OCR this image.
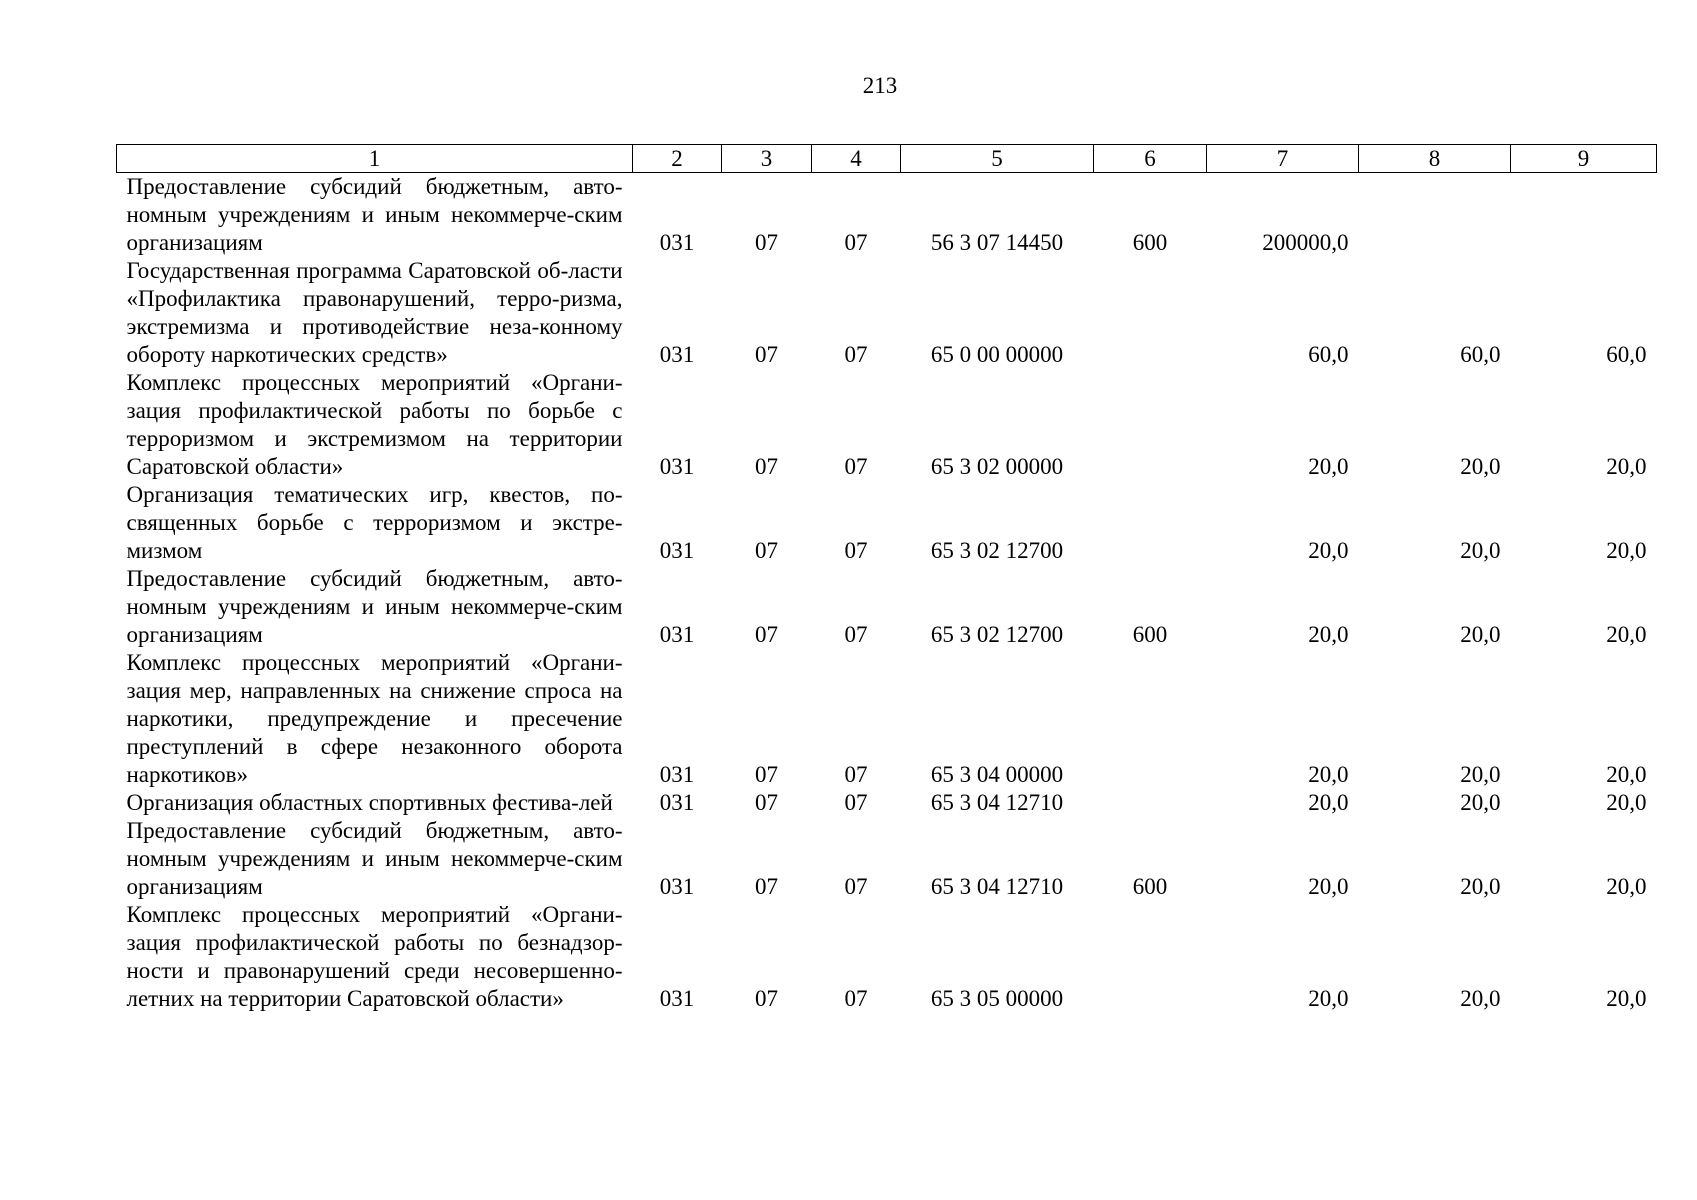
213
1	2	3	4	5	6	7	8	9
Предоставление субсидий бюджетным, авто-номным учреждениям и иным некоммерче-ским организациям	031	07	07	56 3 07 14450	600	200000,0		
Государственная программа Саратовской об-ласти «Профилактика правонарушений, терро-ризма, экстремизма и противодействие неза-конному обороту наркотических средств»	031	07	07	65 0 00 00000		60,0	60,0	60,0
Комплекс процессных мероприятий «Органи-зация профилактической работы по борьбе с терроризмом и экстремизмом на территории Саратовской области»	031	07	07	65 3 02 00000		20,0	20,0	20,0
Организация тематических игр, квестов, по-священных борьбе с терроризмом и экстре-мизмом	031	07	07	65 3 02 12700		20,0	20,0	20,0
Предоставление субсидий бюджетным, авто-номным учреждениям и иным некоммерче-ским организациям	031	07	07	65 3 02 12700	600	20,0	20,0	20,0
Комплекс процессных мероприятий «Органи-зация мер, направленных на снижение спроса на наркотики, предупреждение и пресечение преступлений в сфере незаконного оборота наркотиков»	031	07	07	65 3 04 00000		20,0	20,0	20,0
Организация областных спортивных фестива-лей	031	07	07	65 3 04 12710		20,0	20,0	20,0
Предоставление субсидий бюджетным, авто-номным учреждениям и иным некоммерче-ским организациям	031	07	07	65 3 04 12710	600	20,0	20,0	20,0
Комплекс процессных мероприятий «Органи-зация профилактической работы по безнадзор-ности и правонарушений среди несовершенно-летних на территории Саратовской области»	031	07	07	65 3 05 00000		20,0	20,0	20,0
